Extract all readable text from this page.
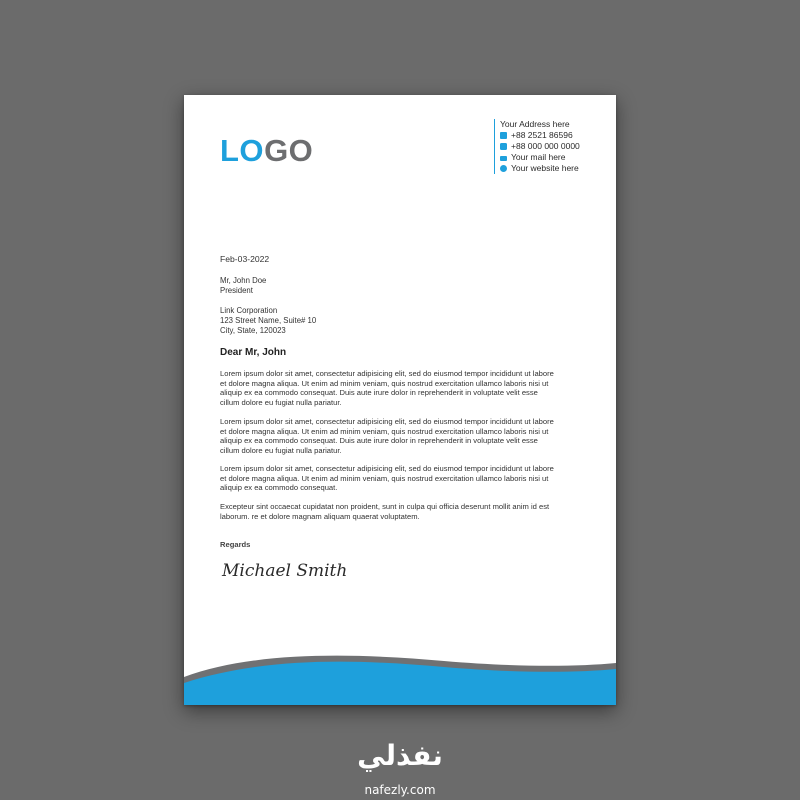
LOGO
Your Address here
+88 2521 86596
+88 000 000 0000
Your mail here
Your website here
Feb-03-2022
Mr, John Doe
President
Link Corporation
123 Street Name, Suite# 10
City, State, 120023
Dear Mr, John
Lorem ipsum dolor sit amet, consectetur adipisicing elit, sed do eiusmod tempor incididunt ut labore
et dolore magna aliqua. Ut enim ad minim veniam, quis nostrud exercitation ullamco laboris nisi ut
aliquip ex ea commodo consequat. Duis aute irure dolor in reprehenderit in voluptate velit esse
cillum dolore eu fugiat nulla pariatur.
Lorem ipsum dolor sit amet, consectetur adipisicing elit, sed do eiusmod tempor incididunt ut labore
et dolore magna aliqua. Ut enim ad minim veniam, quis nostrud exercitation ullamco laboris nisi ut
aliquip ex ea commodo consequat. Duis aute irure dolor in reprehenderit in voluptate velit esse
cillum dolore eu fugiat nulla pariatur.
Lorem ipsum dolor sit amet, consectetur adipisicing elit, sed do eiusmod tempor incididunt ut labore
et dolore magna aliqua. Ut enim ad minim veniam, quis nostrud exercitation ullamco laboris nisi ut
aliquip ex ea commodo consequat.
Excepteur sint occaecat cupidatat non proident, sunt in culpa qui officia deserunt mollit anim id est
laborum. re et dolore magnam aliquam quaerat voluptatem.
Regards
Michael Smith
نفذلي
nafezly.com
